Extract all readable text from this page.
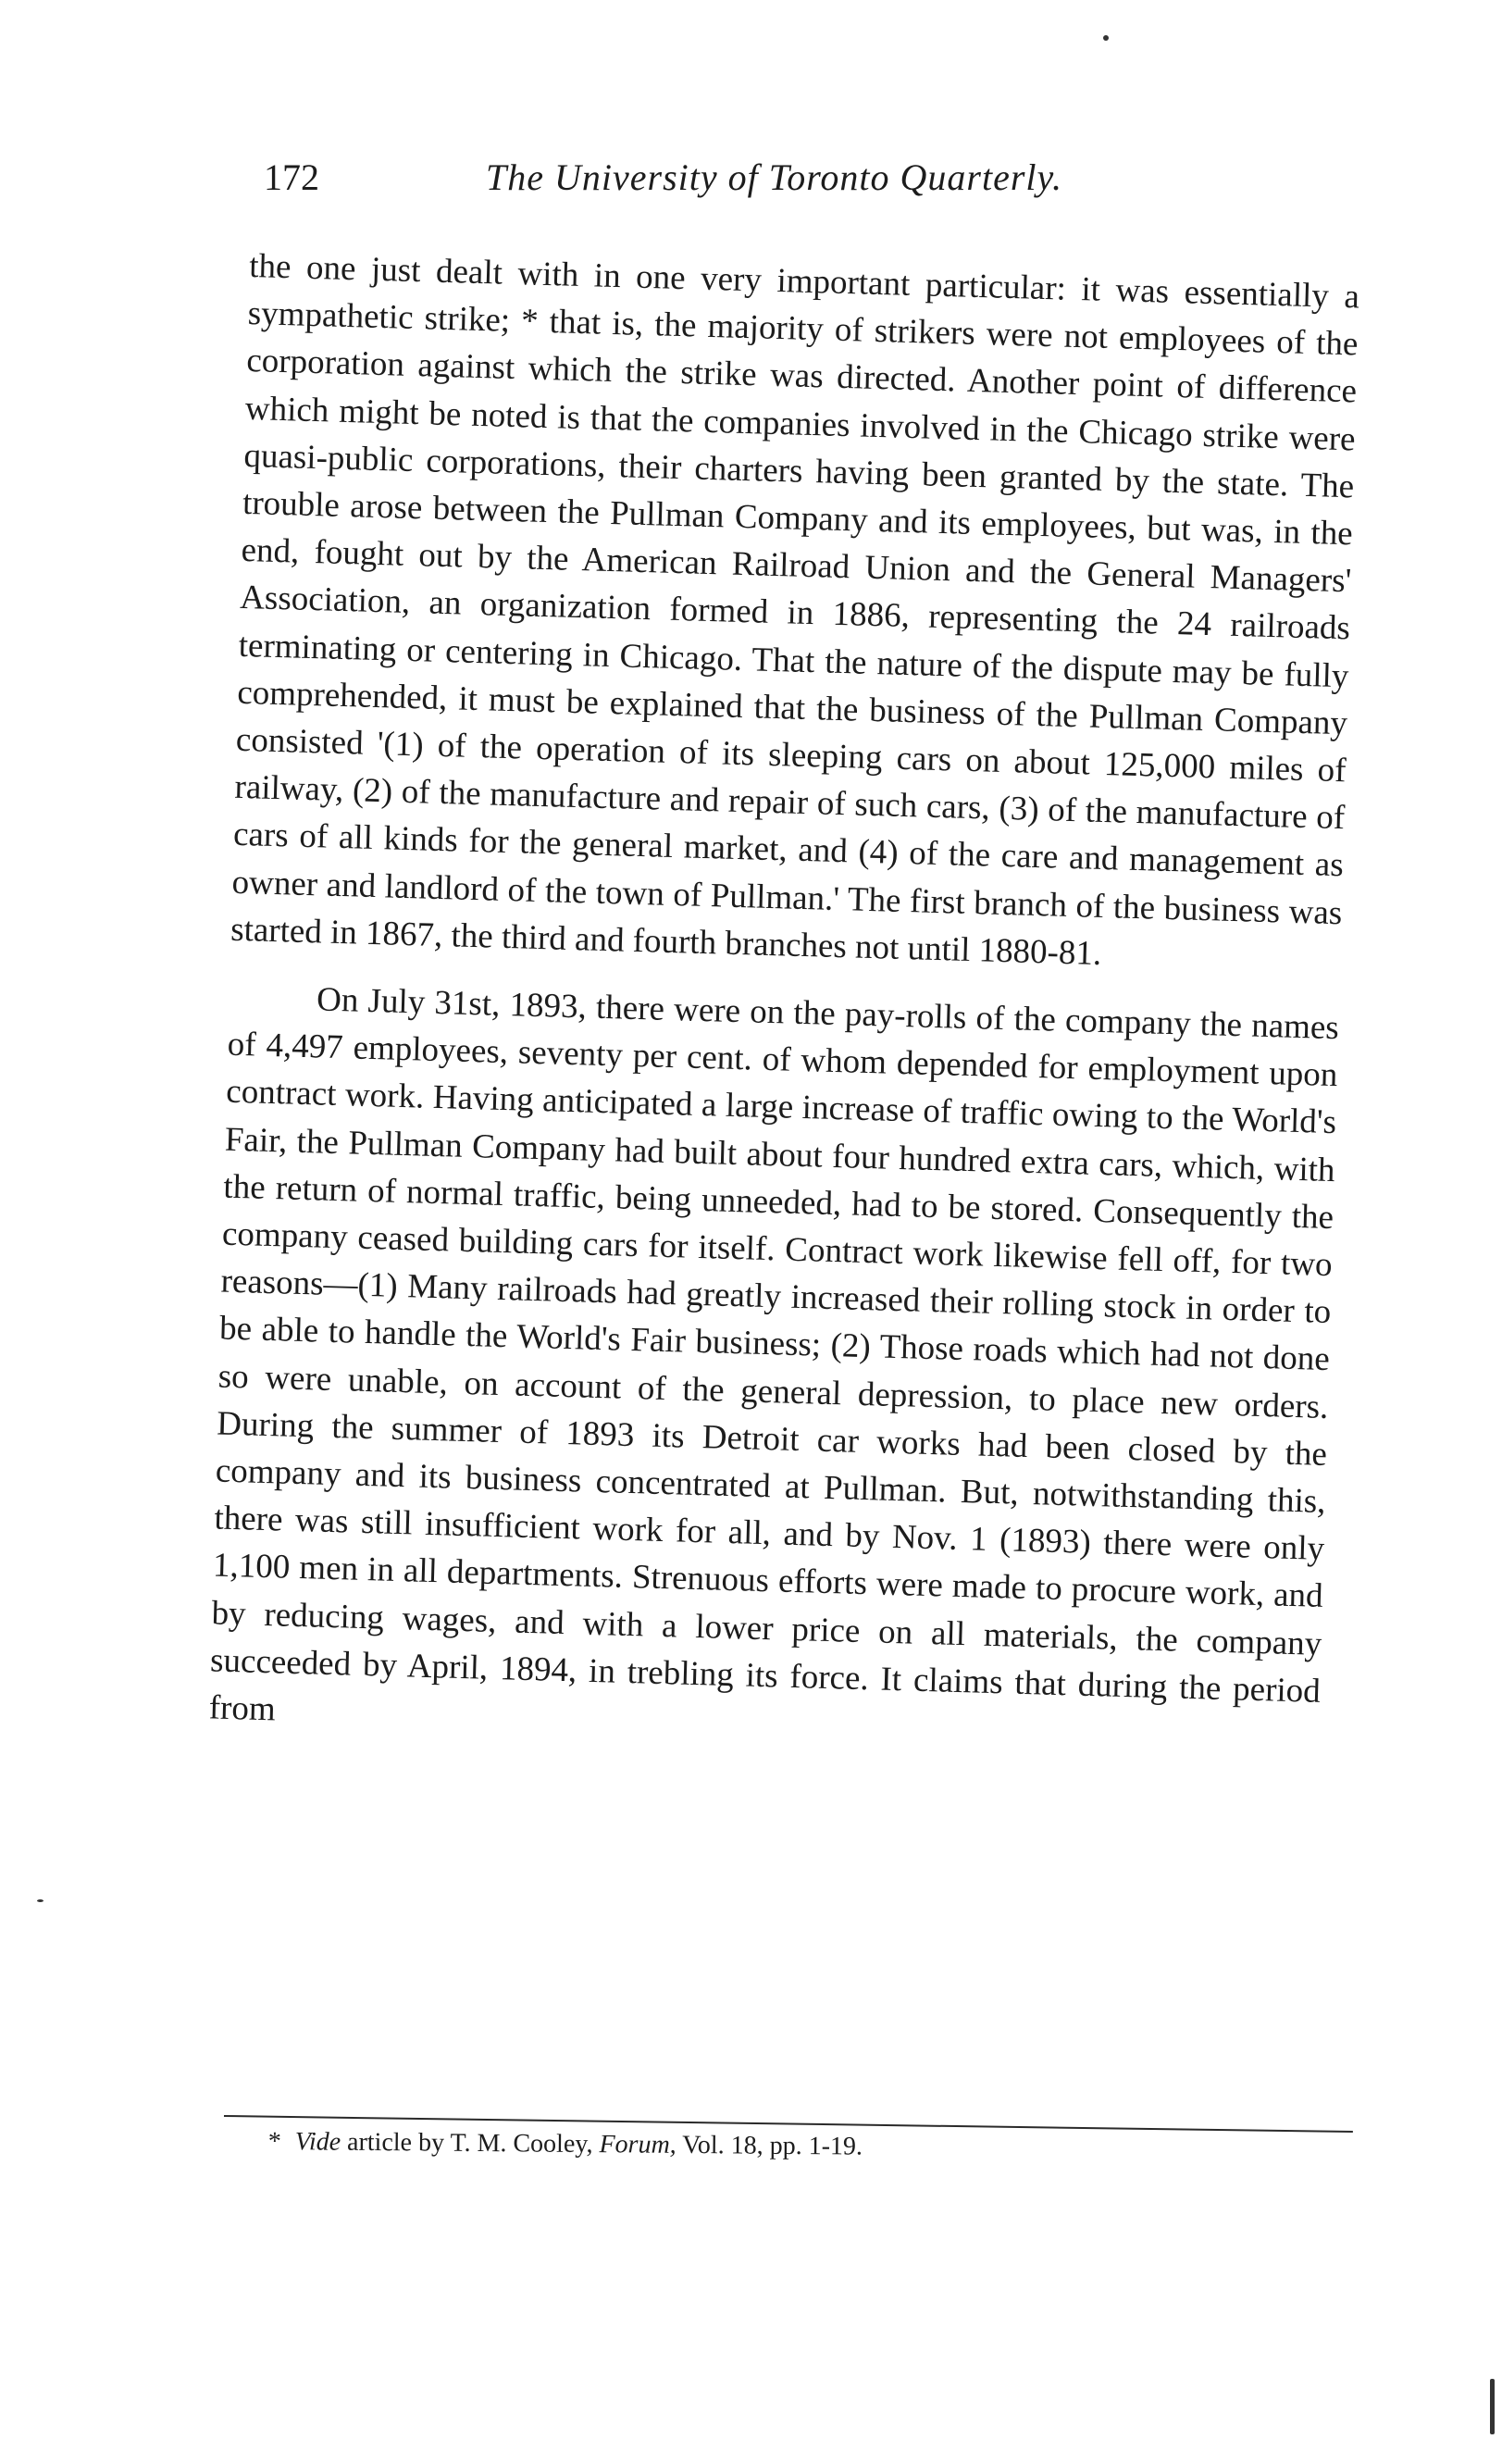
172	The University of Toronto Quarterly.

the one just dealt with in one very important particular: it was essentially a sympathetic strike; * that is, the majority of strikers were not employees of the corporation against which the strike was directed. Another point of difference which might be noted is that the companies involved in the Chicago strike were quasi-public corporations, their charters having been granted by the state. The trouble arose between the Pullman Company and its employees, but was, in the end, fought out by the American Railroad Union and the General Managers' Association, an organization formed in 1886, representing the 24 railroads terminating or centering in Chicago. That the nature of the dispute may be fully comprehended, it must be explained that the business of the Pullman Company consisted '(1) of the operation of its sleeping cars on about 125,000 miles of railway, (2) of the manufacture and repair of such cars, (3) of the manufacture of cars of all kinds for the general market, and (4) of the care and management as owner and landlord of the town of Pullman.' The first branch of the business was started in 1867, the third and fourth branches not until 1880-81.

On July 31st, 1893, there were on the pay-rolls of the company the names of 4,497 employees, seventy per cent. of whom depended for employment upon contract work. Having anticipated a large increase of traffic owing to the World's Fair, the Pullman Company had built about four hundred extra cars, which, with the return of normal traffic, being unneeded, had to be stored. Consequently the company ceased building cars for itself. Contract work likewise fell off, for two reasons—(1) Many railroads had greatly increased their rolling stock in order to be able to handle the World's Fair business; (2) Those roads which had not done so were unable, on account of the general depression, to place new orders. During the summer of 1893 its Detroit car works had been closed by the company and its business concentrated at Pullman. But, notwithstanding this, there was still insufficient work for all, and by Nov. 1 (1893) there were only 1,100 men in all departments. Strenuous efforts were made to procure work, and by reducing wages, and with a lower price on all materials, the company succeeded by April, 1894, in trebling its force. It claims that during the period from

* Vide article by T. M. Cooley, Forum, Vol. 18, pp. 1-19.
